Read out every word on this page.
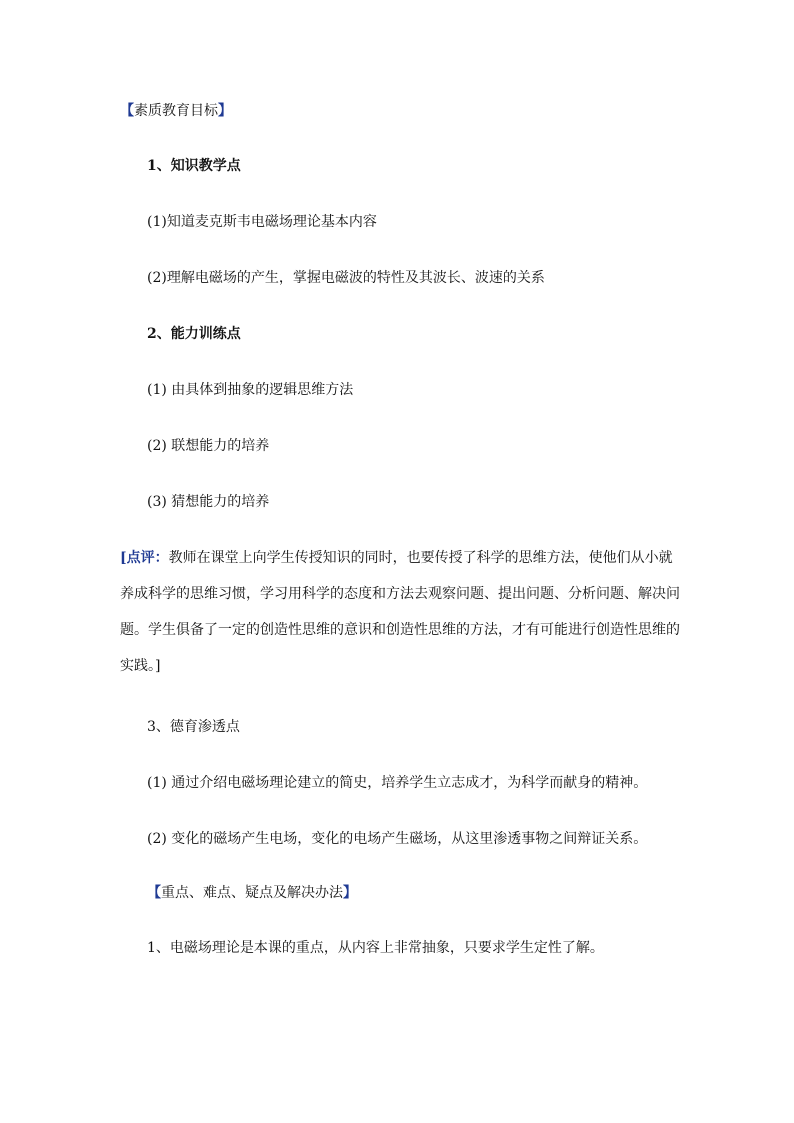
【素质教育目标】
1、知识教学点
(1)知道麦克斯韦电磁场理论基本内容
(2)理解电磁场的产生，掌握电磁波的特性及其波长、波速的关系
2、能力训练点
(1) 由具体到抽象的逻辑思维方法
(2) 联想能力的培养
(3) 猜想能力的培养
[点评：教师在课堂上向学生传授知识的同时，也要传授了科学的思维方法，使他们从小就
养成科学的思维习惯，学习用科学的态度和方法去观察问题、提出问题、分析问题、解决问
题。学生俱备了一定的创造性思维的意识和创造性思维的方法，才有可能进行创造性思维的
实践。]
3、德育渗透点
(1) 通过介绍电磁场理论建立的简史，培养学生立志成才，为科学而献身的精神。
(2) 变化的磁场产生电场，变化的电场产生磁场，从这里渗透事物之间辩证关系。
【重点、难点、疑点及解决办法】
1、电磁场理论是本课的重点，从内容上非常抽象，只要求学生定性了解。
